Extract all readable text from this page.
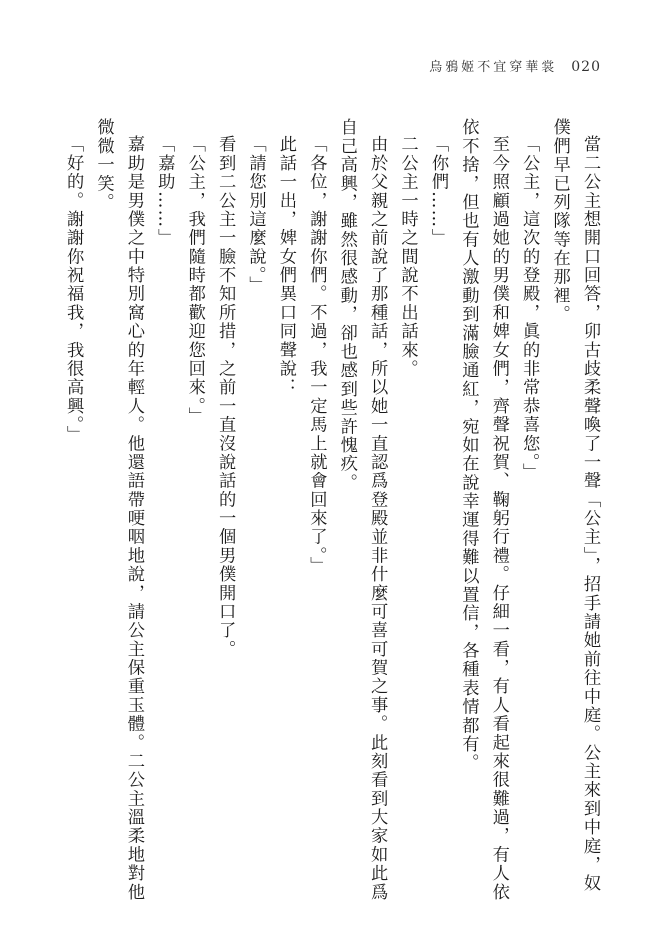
烏鴉姬不宜穿華裳 020

當二公主想開口回答，卯古歧柔聲喚了一聲「公主」，招手請她前往中庭。公主來到中庭，奴僕們早已列隊等在那裡。

「公主，這次的登殿，眞的非常恭喜您。」

至今照顧過她的男僕和婢女們，齊聲祝賀、鞠躬行禮。仔細一看，有人看起來很難過，有人依依不捨，但也有人激動到滿臉通紅，宛如在說幸運得難以置信，各種表情都有。

「你們……」

二公主一時之間說不出話來。

由於父親之前說了那種話，所以她一直認爲登殿並非什麼可喜可賀之事。此刻看到大家如此爲自己高興，雖然很感動，卻也感到些許愧疚。

「各位，謝謝你們。不過，我一定馬上就會回來了。」

此話一出，婢女們異口同聲說：

「請您別這麼說。」

看到二公主一臉不知所措，之前一直沒說話的一個男僕開口了。

「公主，我們隨時都歡迎您回來。」

「嘉助……」

嘉助是男僕之中特別窩心的年輕人。他還語帶哽咽地說，請公主保重玉體。二公主溫柔地對他微微一笑。

「好的。謝謝你祝福我，我很高興。」
